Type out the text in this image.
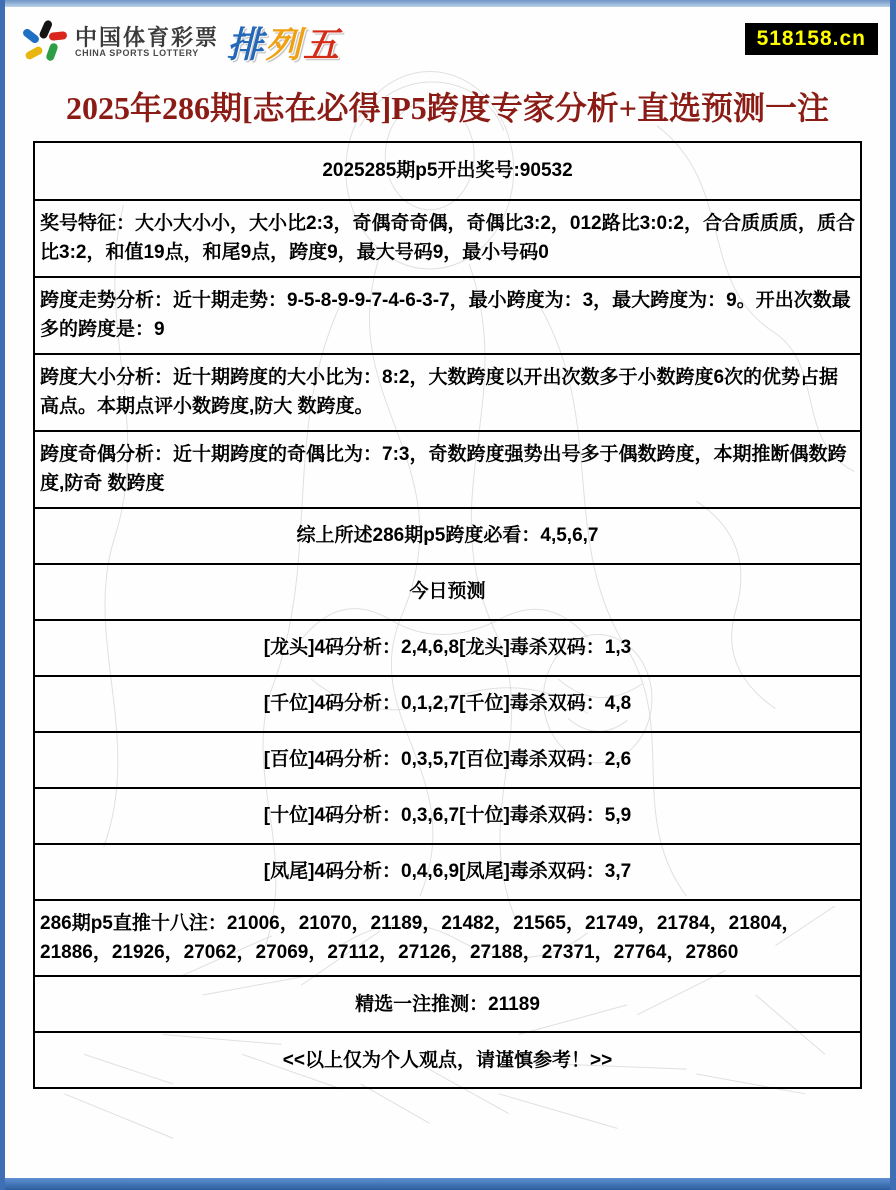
中国体育彩票
CHINA SPORTS LOTTERY 排列五	518158.cn
2025年286期[志在必得]P5跨度专家分析+直选预测一注
2025285期p5开出奖号:90532
奖号特征：大小大小小，大小比2:3，奇偶奇奇偶，奇偶比3:2，012路比3:0:2，合合质质质，质合比3:2，和值19点，和尾9点，跨度9，最大号码9，最小号码0
跨度走势分析：近十期走势：9-5-8-9-9-7-4-6-3-7，最小跨度为：3，最大跨度为：9。开出次数最多的跨度是：9
跨度大小分析：近十期跨度的大小比为：8:2，大数跨度以开出次数多于小数跨度6次的优势占据高点。本期点评小数跨度,防大 数跨度。
跨度奇偶分析：近十期跨度的奇偶比为：7:3，奇数跨度强势出号多于偶数跨度，本期推断偶数跨度,防奇 数跨度
综上所述286期p5跨度必看：4,5,6,7
今日预测
[龙头]4码分析：2,4,6,8[龙头]毒杀双码：1,3
[千位]4码分析：0,1,2,7[千位]毒杀双码：4,8
[百位]4码分析：0,3,5,7[百位]毒杀双码：2,6
[十位]4码分析：0,3,6,7[十位]毒杀双码：5,9
[凤尾]4码分析：0,4,6,9[凤尾]毒杀双码：3,7
286期p5直推十八注：21006，21070，21189，21482，21565，21749，21784，21804，21886，21926，27062，27069，27112，27126，27188，27371，27764，27860
精选一注推测：21189
<<以上仅为个人观点，请谨慎参考！>>
